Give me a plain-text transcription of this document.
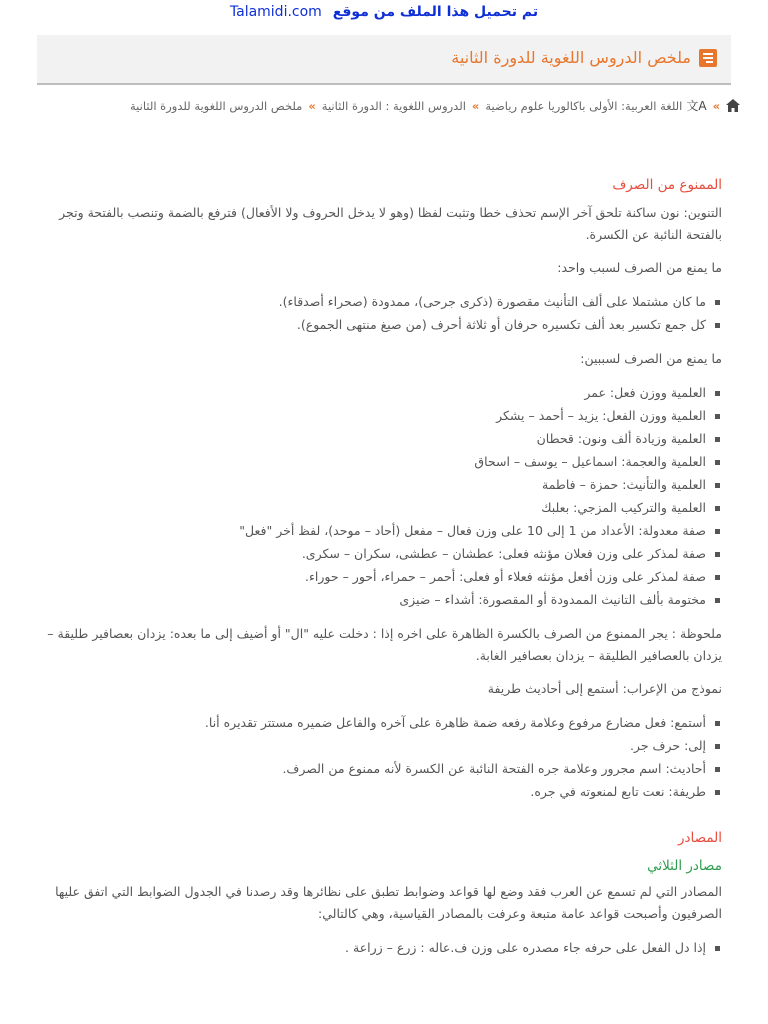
Talamidi.com تم تحميل هذا الملف من موقع
ملخص الدروس اللغوية للدورة الثانية
»
文A
اللغة العربية: الأولى باكالوريا علوم رياضية
»
الدروس اللغوية : الدورة الثانية
»
ملخص الدروس اللغوية للدورة الثانية
الممنوع من الصرف

التنوين: نون ساكنة تلحق آخر الإسم تحذف خطا وتثبت لفظا (وهو لا يدخل الحروف ولا الأفعال) فترفع بالضمة وتنصب بالفتحة وتجر بالفتحة النائبة عن الكسرة.

ما يمنع من الصرف لسبب واحد:

ما كان مشتملا على ألف التأنيث مقصورة (ذكرى جرحى)، ممدودة (صحراء أصدقاء).
كل جمع تكسير بعد ألف تكسيره حرفان أو ثلاثة أحرف (من صيغ منتهى الجموع).

ما يمنع من الصرف لسببين:

العلمية ووزن فعل: عمر
العلمية ووزن الفعل: يزيد – أحمد – يشكر
العلمية وزيادة ألف ونون: قحطان
العلمية والعجمة: اسماعيل – يوسف – اسحاق
العلمية والتأنيث: حمزة – فاطمة
العلمية والتركيب المزجي: بعلبك
صفة معدولة: الأعداد من 1 إلى 10 على وزن فعال – مفعل (أحاد – موحد)، لفظ أخر "فعل"
صفة لمذكر على وزن فعلان مؤنثه فعلى: عطشان – عطشى، سكران – سكرى.
صفة لمذكر على وزن أفعل مؤنثه فعلاء أو فعلى: أحمر – حمراء، أحور – حوراء.
مختومة بألف التانيث الممدودة أو المقصورة: أشداء – ضيزى

ملحوظة : يجر الممنوع من الصرف بالكسرة الظاهرة على اخره إذا : دخلت عليه "ال" أو أضيف إلى ما بعده: يزدان بعصافير طليقة – يزدان بالعصافير الطليقة – يزدان بعصافير الغابة.

نموذج من الإعراب: أستمع إلى أحاديث طريفة

أستمع: فعل مضارع مرفوع وعلامة رفعه ضمة ظاهرة على آخره والفاعل ضميره مستتر تقديره أنا.
إلى: حرف جر.
أحاديث: اسم مجرور وعلامة جره الفتحة النائبة عن الكسرة لأنه ممنوع من الصرف.
طريفة: نعت تابع لمنعوته في جره.
المصادر
مصادر الثلاثي

المصادر التي لم تسمع عن العرب فقد وضع لها قواعد وضوابط تطبق على نظائرها وقد رصدنا في الجدول الضوابط التي اتفق عليها الصرفيون وأصبحت قواعد عامة متبعة وعرفت بالمصادر القياسية، وهي كالتالي:

إذا دل الفعل على حرفه جاء مصدره على وزن ف.عاله : زرع – زراعة .
